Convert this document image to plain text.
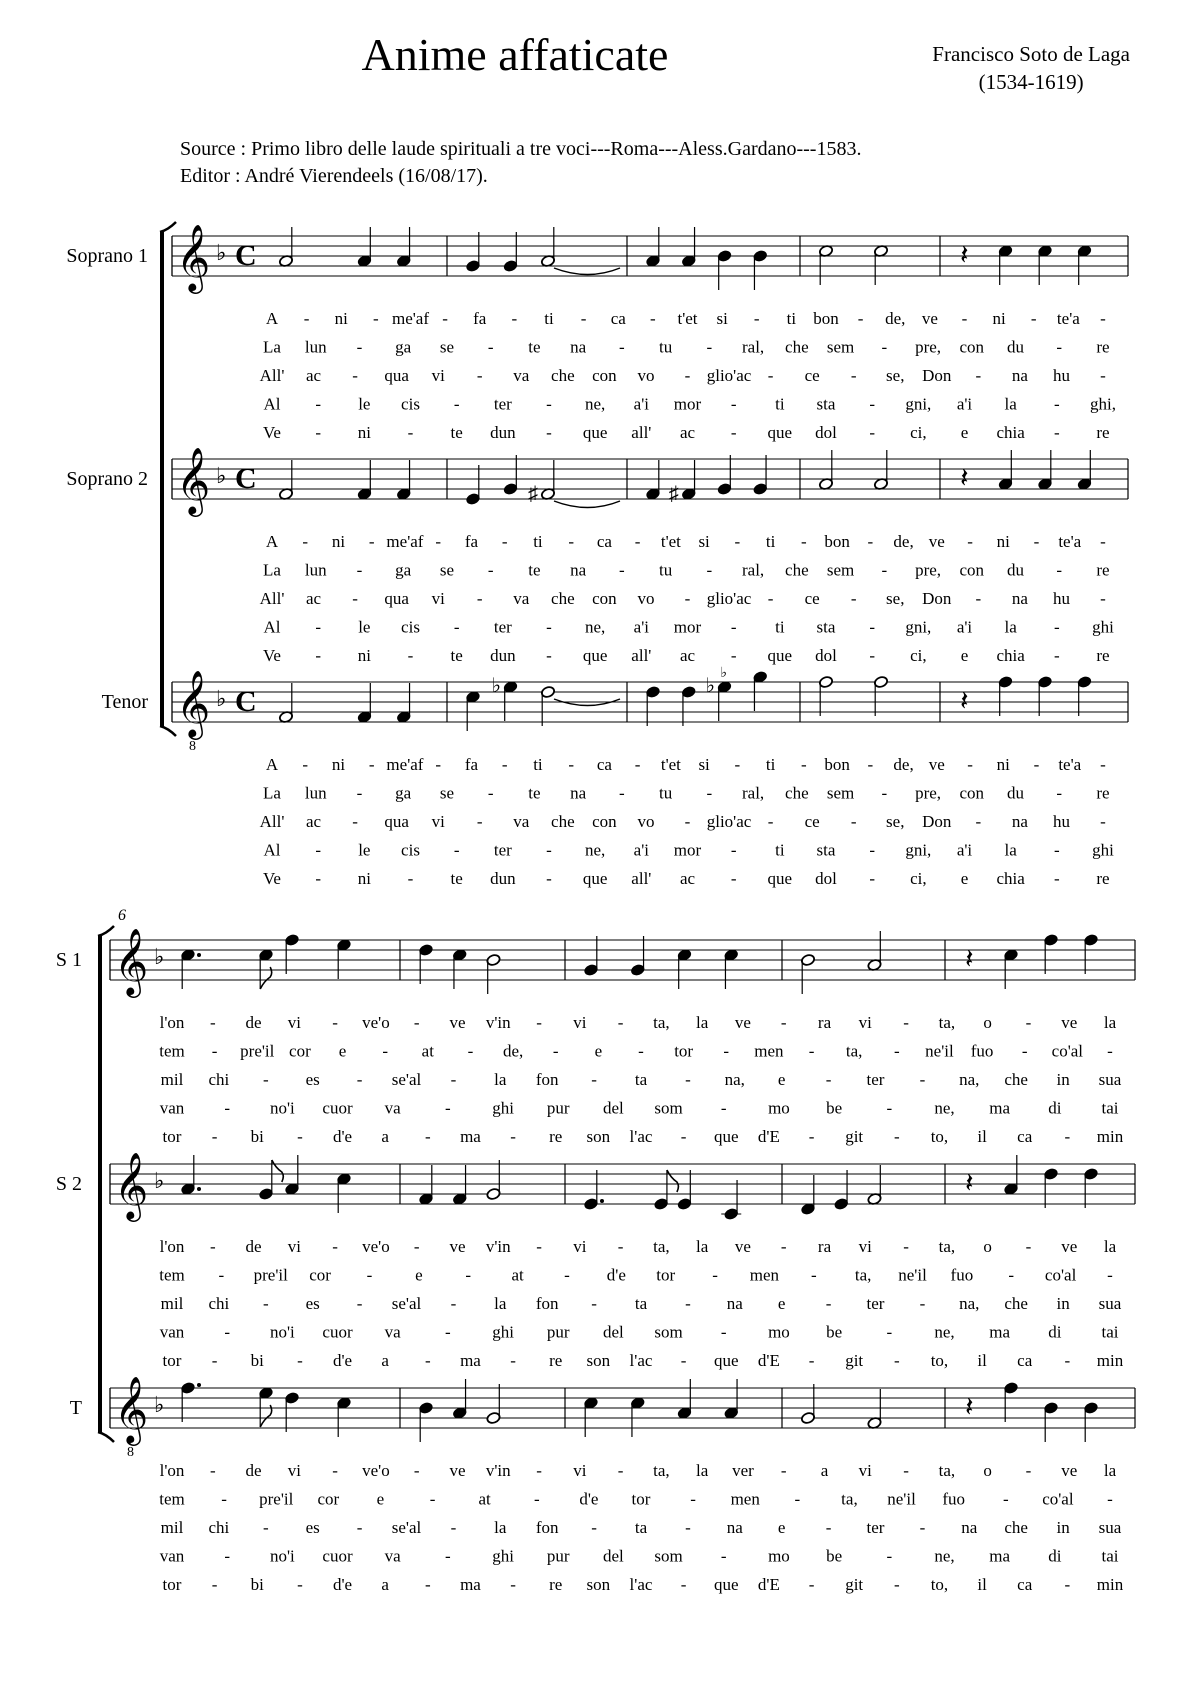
Anime affaticate	Francisco Soto de Laga
(1534-1619)
Source : Primo libro delle laude spirituali a tre voci---Roma---Aless.Gardano---1583.
Editor : André Vierendeels (16/08/17).
Soprano 1 𝄞 ♭ C	𝄽
A - ni - me'af - fa - ti - ca - t'et si - ti bon - de, ve - ni - te'a -
La lun - ga se - te na - tu - ral, che sem - pre, con du - re
All' ac - qua vi - va che con vo - glio'ac - ce - se, Don - na hu -
Al - le cis - ter - ne, a'i mor - ti sta - gni, a'i la - ghi,
Ve - ni - te dun - que all' ac - que dol - ci, e chia - re
Soprano 2 𝄞 ♭ C	♯	♯	𝄽
A - ni - me'af - fa - ti - ca - t'et si - ti - bon - de, ve - ni - te'a -
La lun - ga se - te na - tu - ral, che sem - pre, con du - re
All' ac - qua vi - va che con vo - glio'ac - ce - se, Don - na hu -
Al - le cis - ter - ne, a'i mor - ti sta - gni, a'i la - ghi
Ve - ni - te dun - que all' ac - que dol - ci, e chia - re
Tenor 𝄞
8
♭ C	♭	♭
♭
𝄽
A - ni - me'af - fa - ti - ca - t'et si - ti - bon - de, ve - ni - te'a -
La lun - ga se - te na - tu - ral, che sem - pre, con du - re
All' ac - qua vi - va che con vo - glio'ac - ce - se, Don - na hu -
Al - le cis - ter - ne, a'i mor - ti sta - gni, a'i la - ghi
Ve - ni - te dun - que all' ac - que dol - ci, e chia - re
6
S 1 𝄞 ♭	𝄽
l'on - de vi - ve'o - ve v'in - vi - ta, la ve - ra vi - ta, o - ve la
tem - pre'il cor e - at - de, - e - tor - men - ta, - ne'il fuo - co'al -
mil chi - es - se'al - la fon - ta - na, e - ter - na, che in sua
van - no'i cuor va	- ghi pur del som - mo be	- ne, ma di tai
tor - bi - d'e a - ma - re son l'ac - que d'E - git - to, il ca - min
S 2 𝄞 ♭	𝄽
l'on - de vi - ve'o - ve v'in - vi - ta, la ve - ra vi - ta, o - ve la
tem - pre'il cor -	e	- at - d'e tor - men - ta, ne'il fuo - co'al -
mil chi - es - se'al - la fon - ta - na e - ter - na, che in sua
van - no'i cuor va	- ghi pur del som - mo be	- ne, ma di tai
tor - bi - d'e a - ma - re son l'ac - que d'E - git - to, il ca - min
T 𝄞
8
♭	𝄽
l'on - de vi - ve'o - ve v'in - vi - ta, la ver - a vi - ta, o - ve la
tem - pre'il cor e	-	at	- d'e tor - men - ta, ne'il fuo - co'al -
mil chi - es - se'al - la fon - ta - na e - ter - na che in sua
van - no'i cuor va	- ghi pur del som - mo be	- ne, ma di tai
tor - bi - d'e a - ma - re son l'ac - que d'E - git - to, il ca - min
